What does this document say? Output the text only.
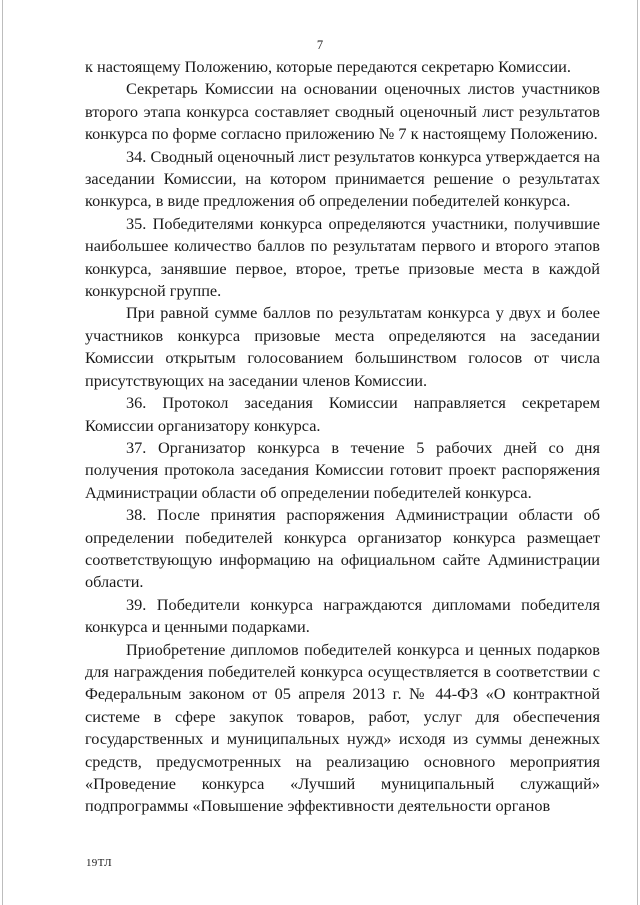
7

к настоящему Положению, которые передаются секретарю Комиссии.

Секретарь Комиссии на основании оценочных листов участников второго этапа конкурса составляет сводный оценочный лист результатов конкурса по форме согласно приложению № 7 к настоящему Положению.

34. Сводный оценочный лист результатов конкурса утверждается на заседании Комиссии, на котором принимается решение о результатах конкурса, в виде предложения об определении победителей конкурса.

35. Победителями конкурса определяются участники, получившие наибольшее количество баллов по результатам первого и второго этапов конкурса, занявшие первое, второе, третье призовые места в каждой конкурсной группе.

При равной сумме баллов по результатам конкурса у двух и более участников конкурса призовые места определяются на заседании Комиссии открытым голосованием большинством голосов от числа присутствующих на заседании членов Комиссии.

36. Протокол заседания Комиссии направляется секретарем Комиссии организатору конкурса.

37. Организатор конкурса в течение 5 рабочих дней со дня получения протокола заседания Комиссии готовит проект распоряжения Администрации области об определении победителей конкурса.

38. После принятия распоряжения Администрации области об определении победителей конкурса организатор конкурса размещает соответствующую информацию на официальном сайте Администрации области.

39. Победители конкурса награждаются дипломами победителя конкурса и ценными подарками.

Приобретение дипломов победителей конкурса и ценных подарков для награждения победителей конкурса осуществляется в соответствии с Федеральным законом от 05 апреля 2013 г. № 44-ФЗ «О контрактной системе в сфере закупок товаров, работ, услуг для обеспечения государственных и муниципальных нужд» исходя из суммы денежных средств, предусмотренных на реализацию основного мероприятия «Проведение конкурса «Лучший муниципальный служащий» подпрограммы «Повышение эффективности деятельности органов

19ТЛ
